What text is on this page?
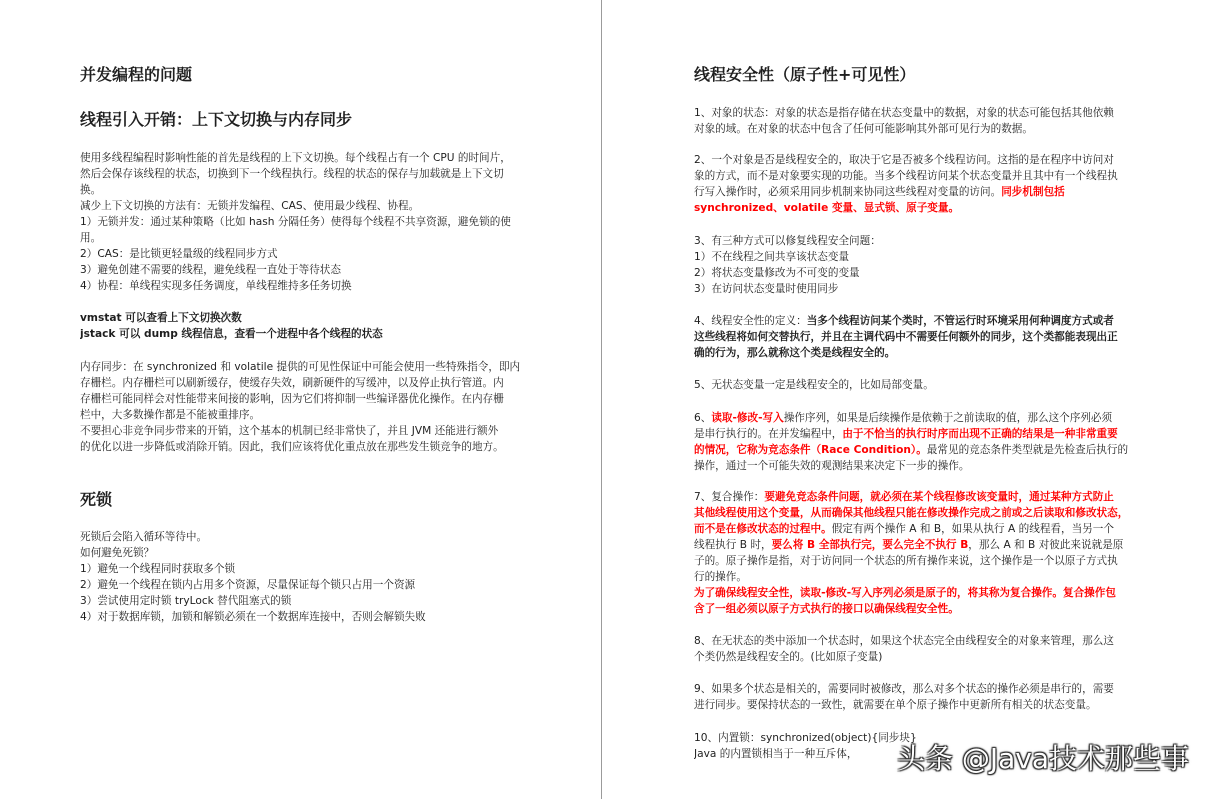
并发编程的问题
线程引入开销：上下文切换与内存同步
使用多线程编程时影响性能的首先是线程的上下文切换。每个线程占有一个 CPU 的时间片，
然后会保存该线程的状态，切换到下一个线程执行。线程的状态的保存与加载就是上下文切
换。
减少上下文切换的方法有：无锁并发编程、CAS、使用最少线程、协程。
1）无锁并发：通过某种策略（比如 hash 分隔任务）使得每个线程不共享资源，避免锁的使
用。
2）CAS：是比锁更轻量级的线程同步方式
3）避免创建不需要的线程，避免线程一直处于等待状态
4）协程：单线程实现多任务调度，单线程维持多任务切换
vmstat 可以查看上下文切换次数
jstack 可以 dump 线程信息，查看一个进程中各个线程的状态
内存同步：在 synchronized 和 volatile 提供的可见性保证中可能会使用一些特殊指令，即内
存栅栏。内存栅栏可以刷新缓存，使缓存失效，刷新硬件的写缓冲，以及停止执行管道。内
存栅栏可能同样会对性能带来间接的影响，因为它们将抑制一些编译器优化操作。在内存栅
栏中，大多数操作都是不能被重排序。
不要担心非竞争同步带来的开销，这个基本的机制已经非常快了，并且 JVM 还能进行额外
的优化以进一步降低或消除开销。因此，我们应该将优化重点放在那些发生锁竞争的地方。
死锁
死锁后会陷入循环等待中。
如何避免死锁？
1）避免一个线程同时获取多个锁
2）避免一个线程在锁内占用多个资源，尽量保证每个锁只占用一个资源
3）尝试使用定时锁 tryLock 替代阻塞式的锁
4）对于数据库锁，加锁和解锁必须在一个数据库连接中，否则会解锁失败
线程安全性（原子性+可见性）
1、对象的状态：对象的状态是指存储在状态变量中的数据，对象的状态可能包括其他依赖
对象的域。在对象的状态中包含了任何可能影响其外部可见行为的数据。
2、一个对象是否是线程安全的，取决于它是否被多个线程访问。这指的是在程序中访问对
象的方式，而不是对象要实现的功能。当多个线程访问某个状态变量并且其中有一个线程执
行写入操作时，必须采用同步机制来协同这些线程对变量的访问。同步机制包括
synchronized、volatile 变量、显式锁、原子变量。
3、有三种方式可以修复线程安全问题：
1）不在线程之间共享该状态变量
2）将状态变量修改为不可变的变量
3）在访问状态变量时使用同步
4、线程安全性的定义：当多个线程访问某个类时，不管运行时环境采用何种调度方式或者
这些线程将如何交替执行，并且在主调代码中不需要任何额外的同步，这个类都能表现出正
确的行为，那么就称这个类是线程安全的。
5、无状态变量一定是线程安全的，比如局部变量。
6、读取-修改-写入操作序列，如果是后续操作是依赖于之前读取的值，那么这个序列必须
是串行执行的。在并发编程中，由于不恰当的执行时序而出现不正确的结果是一种非常重要
的情况，它称为竞态条件（Race Condition）。最常见的竞态条件类型就是先检查后执行的
操作，通过一个可能失效的观测结果来决定下一步的操作。
7、复合操作：要避免竞态条件问题，就必须在某个线程修改该变量时，通过某种方式防止
其他线程使用这个变量，从而确保其他线程只能在修改操作完成之前或之后读取和修改状态，
而不是在修改状态的过程中。假定有两个操作 A 和 B，如果从执行 A 的线程看，当另一个
线程执行 B 时，要么将 B 全部执行完，要么完全不执行 B，那么 A 和 B 对彼此来说就是原
子的。原子操作是指，对于访问同一个状态的所有操作来说，这个操作是一个以原子方式执
行的操作。
为了确保线程安全性，读取-修改-写入序列必须是原子的，将其称为复合操作。复合操作包
含了一组必须以原子方式执行的接口以确保线程安全性。
8、在无状态的类中添加一个状态时，如果这个状态完全由线程安全的对象来管理，那么这
个类仍然是线程安全的。(比如原子变量)
9、如果多个状态是相关的，需要同时被修改，那么对多个状态的操作必须是串行的，需要
进行同步。要保持状态的一致性，就需要在单个原子操作中更新所有相关的状态变量。
10、内置锁：synchronized(object){同步块}
Java 的内置锁相当于一种互斥体，	头条 @Java技术那些事
